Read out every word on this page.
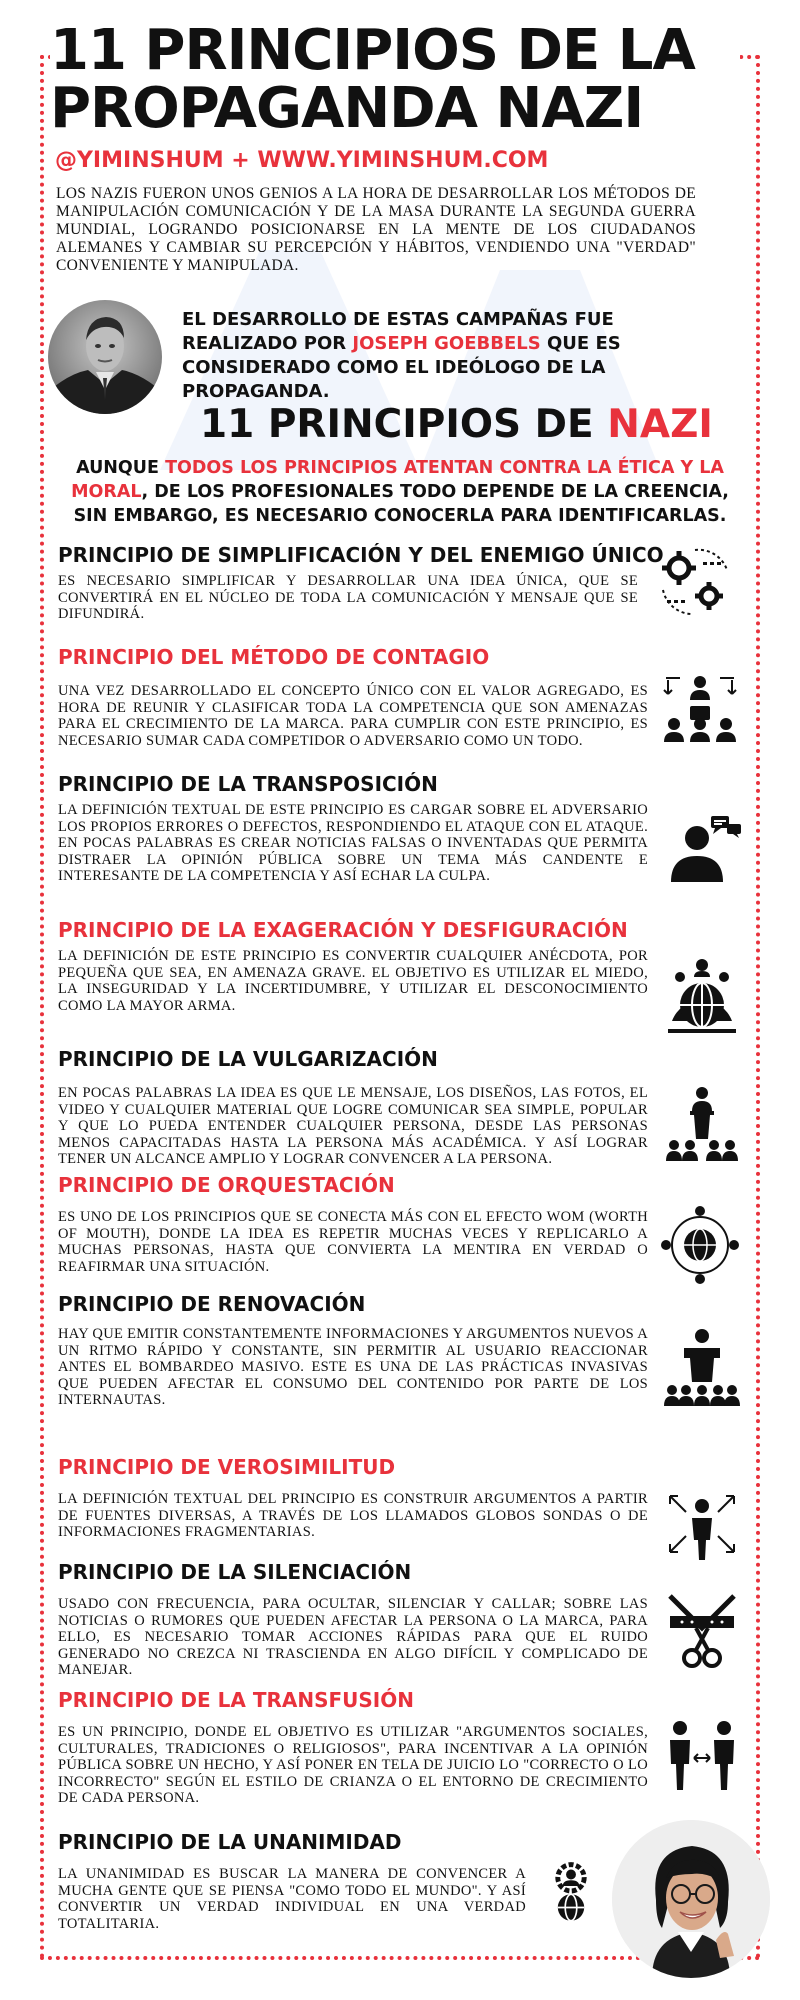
11 PRINCIPIOS DE LA
PROPAGANDA NAZI
@YIMINSHUM + WWW.YIMINSHUM.COM

LOS NAZIS FUERON UNOS GENIOS A LA HORA DE DESARROLLAR LOS MÉTODOS DE MANIPULACIÓN COMUNICACIÓN Y DE LA MASA DURANTE LA SEGUNDA GUERRA MUNDIAL, LOGRANDO POSICIONARSE EN LA MENTE DE LOS CIUDADANOS ALEMANES Y CAMBIAR SU PERCEPCIÓN Y HÁBITOS, VENDIENDO UNA "VERDAD" CONVENIENTE Y MANIPULADA.

EL DESARROLLO DE ESTAS CAMPAÑAS FUE REALIZADO POR JOSEPH GOEBBELS QUE ES CONSIDERADO COMO EL IDEÓLOGO DE LA PROPAGANDA.

11 PRINCIPIOS DE NAZI

AUNQUE TODOS LOS PRINCIPIOS ATENTAN CONTRA LA ÉTICA Y LA MORAL, DE LOS PROFESIONALES TODO DEPENDE DE LA CREENCIA, SIN EMBARGO, ES NECESARIO CONOCERLA PARA IDENTIFICARLAS.

PRINCIPIO DE SIMPLIFICACIÓN Y DEL ENEMIGO ÚNICO

ES NECESARIO SIMPLIFICAR Y DESARROLLAR UNA IDEA ÚNICA, QUE SE CONVERTIRÁ EN EL NÚCLEO DE TODA LA COMUNICACIÓN Y MENSAJE QUE SE DIFUNDIRÁ.

PRINCIPIO DEL MÉTODO DE CONTAGIO

UNA VEZ DESARROLLADO EL CONCEPTO ÚNICO CON EL VALOR AGREGADO, ES HORA DE REUNIR Y CLASIFICAR TODA LA COMPETENCIA QUE SON AMENAZAS PARA EL CRECIMIENTO DE LA MARCA. PARA CUMPLIR CON ESTE PRINCIPIO, ES NECESARIO SUMAR CADA COMPETIDOR O ADVERSARIO COMO UN TODO.

PRINCIPIO DE LA TRANSPOSICIÓN

LA DEFINICIÓN TEXTUAL DE ESTE PRINCIPIO ES CARGAR SOBRE EL ADVERSARIO LOS PROPIOS ERRORES O DEFECTOS, RESPONDIENDO EL ATAQUE CON EL ATAQUE. EN POCAS PALABRAS ES CREAR NOTICIAS FALSAS O INVENTADAS QUE PERMITA DISTRAER LA OPINIÓN PÚBLICA SOBRE UN TEMA MÁS CANDENTE E INTERESANTE DE LA COMPETENCIA Y ASÍ ECHAR LA CULPA.

PRINCIPIO DE LA EXAGERACIÓN Y DESFIGURACIÓN

LA DEFINICIÓN DE ESTE PRINCIPIO ES CONVERTIR CUALQUIER ANÉCDOTA, POR PEQUEÑA QUE SEA, EN AMENAZA GRAVE. EL OBJETIVO ES UTILIZAR EL MIEDO, LA INSEGURIDAD Y LA INCERTIDUMBRE, Y UTILIZAR EL DESCONOCIMIENTO COMO LA MAYOR ARMA.

PRINCIPIO DE LA VULGARIZACIÓN

EN POCAS PALABRAS LA IDEA ES QUE LE MENSAJE, LOS DISEÑOS, LAS FOTOS, EL VIDEO Y CUALQUIER MATERIAL QUE LOGRE COMUNICAR SEA SIMPLE, POPULAR Y QUE LO PUEDA ENTENDER CUALQUIER PERSONA, DESDE LAS PERSONAS MENOS CAPACITADAS HASTA LA PERSONA MÁS ACADÉMICA. Y ASÍ LOGRAR TENER UN ALCANCE AMPLIO Y LOGRAR CONVENCER A LA PERSONA.

PRINCIPIO DE ORQUESTACIÓN

ES UNO DE LOS PRINCIPIOS QUE SE CONECTA MÁS CON EL EFECTO WOM (WORTH OF MOUTH), DONDE LA IDEA ES REPETIR MUCHAS VECES Y REPLICARLO A MUCHAS PERSONAS, HASTA QUE CONVIERTA LA MENTIRA EN VERDAD O REAFIRMAR UNA SITUACIÓN.

PRINCIPIO DE RENOVACIÓN

HAY QUE EMITIR CONSTANTEMENTE INFORMACIONES Y ARGUMENTOS NUEVOS A UN RITMO RÁPIDO Y CONSTANTE, SIN PERMITIR AL USUARIO REACCIONAR ANTES EL BOMBARDEO MASIVO. ESTE ES UNA DE LAS PRÁCTICAS INVASIVAS QUE PUEDEN AFECTAR EL CONSUMO DEL CONTENIDO POR PARTE DE LOS INTERNAUTAS.

PRINCIPIO DE VEROSIMILITUD

LA DEFINICIÓN TEXTUAL DEL PRINCIPIO ES CONSTRUIR ARGUMENTOS A PARTIR DE FUENTES DIVERSAS, A TRAVÉS DE LOS LLAMADOS GLOBOS SONDAS O DE INFORMACIONES FRAGMENTARIAS.

PRINCIPIO DE LA SILENCIACIÓN

USADO CON FRECUENCIA, PARA OCULTAR, SILENCIAR Y CALLAR; SOBRE LAS NOTICIAS O RUMORES QUE PUEDEN AFECTAR LA PERSONA O LA MARCA, PARA ELLO, ES NECESARIO TOMAR ACCIONES RÁPIDAS PARA QUE EL RUIDO GENERADO NO CREZCA NI TRASCIENDA EN ALGO DIFÍCIL Y COMPLICADO DE MANEJAR.

PRINCIPIO DE LA TRANSFUSIÓN

ES UN PRINCIPIO, DONDE EL OBJETIVO ES UTILIZAR "ARGUMENTOS SOCIALES, CULTURALES, TRADICIONES O RELIGIOSOS", PARA INCENTIVAR A LA OPINIÓN PÚBLICA SOBRE UN HECHO, Y ASÍ PONER EN TELA DE JUICIO LO "CORRECTO O LO INCORRECTO" SEGÚN EL ESTILO DE CRIANZA O EL ENTORNO DE CRECIMIENTO DE CADA PERSONA.

PRINCIPIO DE LA UNANIMIDAD

LA UNANIMIDAD ES BUSCAR LA MANERA DE CONVENCER A MUCHA GENTE QUE SE PIENSA "COMO TODO EL MUNDO". Y ASÍ CONVERTIR UN VERDAD INDIVIDUAL EN UNA VERDAD TOTALITARIA.
